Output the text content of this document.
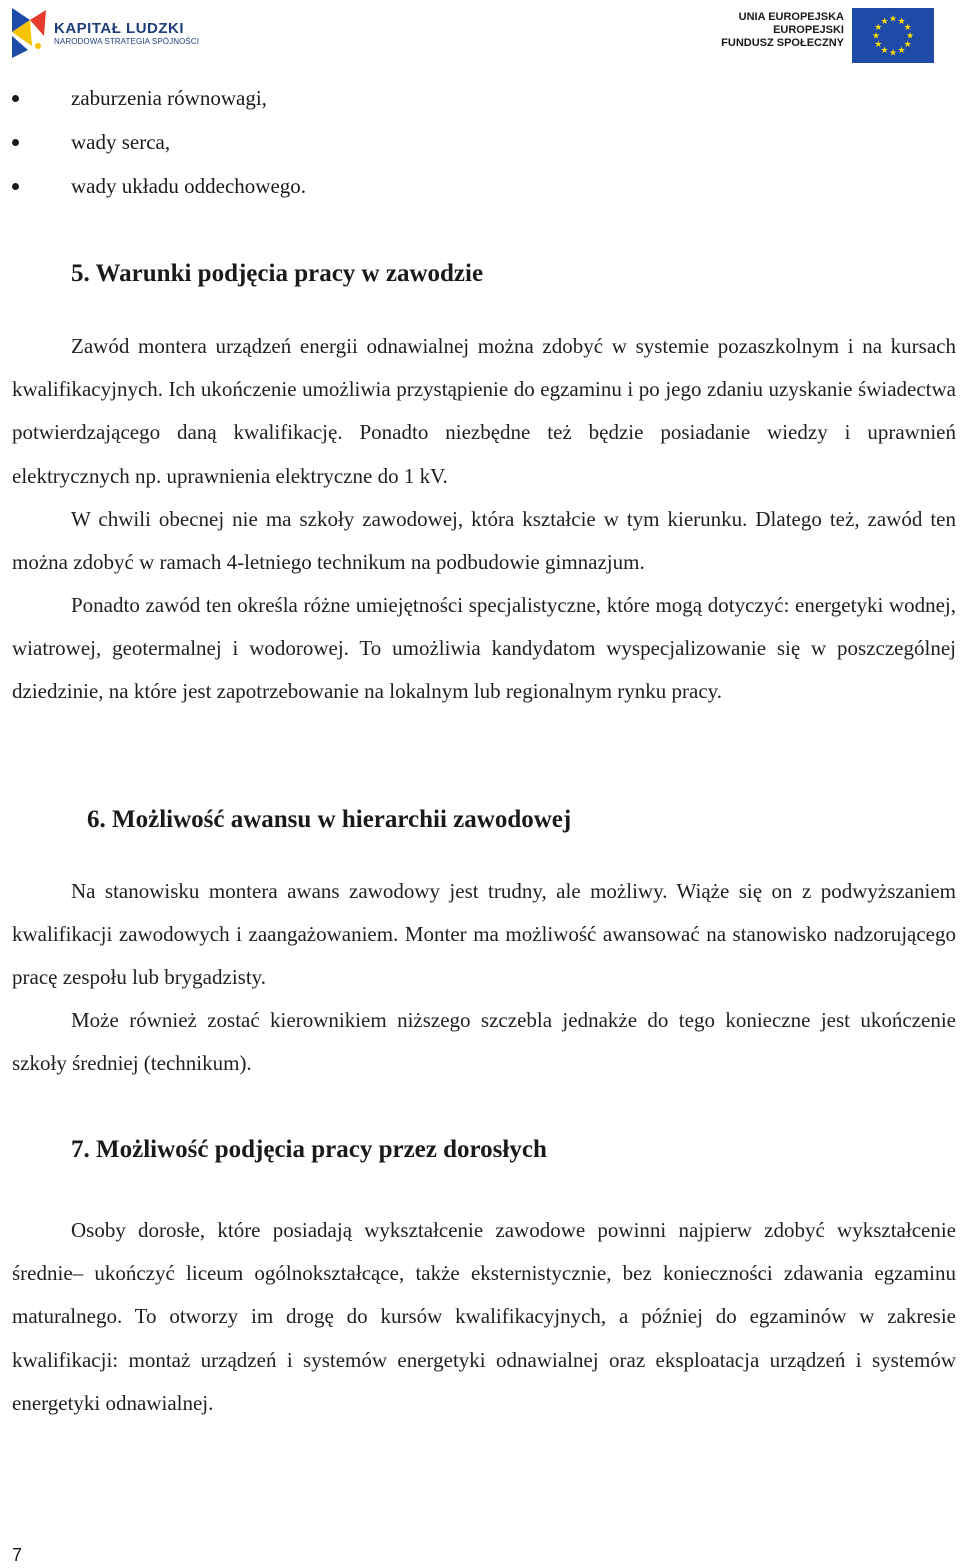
KAPITAŁ LUDZKI
NARODOWA STRATEGIA SPÓJNOŚCI
UNIA EUROPEJSKA
EUROPEJSKI
FUNDUSZ SPOŁECZNY
★
★
★
★
★
★
★
★
★ ★ ★
★
zaburzenia równowagi,
wady serca,
wady układu oddechowego.
5. Warunki podjęcia pracy w zawodzie
Zawód montera urządzeń energii odnawialnej można zdobyć w systemie pozaszkolnym i na kursach kwalifikacyjnych. Ich ukończenie umożliwia przystąpienie do egzaminu i po jego zdaniu uzyskanie świadectwa potwierdzającego daną kwalifikację. Ponadto niezbędne też będzie posiadanie wiedzy i uprawnień elektrycznych np. uprawnienia elektryczne do 1 kV.
W chwili obecnej nie ma szkoły zawodowej, która kształcie w tym kierunku. Dlatego też, zawód ten można zdobyć w ramach 4-letniego technikum na podbudowie gimnazjum.
Ponadto zawód ten określa różne umiejętności specjalistyczne, które mogą dotyczyć: energetyki wodnej, wiatrowej, geotermalnej i wodorowej. To umożliwia kandydatom wyspecjalizowanie się w poszczególnej dziedzinie, na które jest zapotrzebowanie na lokalnym lub regionalnym rynku pracy.
6. Możliwość awansu w hierarchii zawodowej
Na stanowisku montera awans zawodowy jest trudny, ale możliwy. Wiąże się on z podwyższaniem kwalifikacji zawodowych i zaangażowaniem. Monter ma możliwość awansować na stanowisko nadzorującego pracę zespołu lub brygadzisty.
Może również zostać kierownikiem niższego szczebla jednakże do tego konieczne jest ukończenie szkoły średniej (technikum).
7. Możliwość podjęcia pracy przez dorosłych
Osoby dorosłe, które posiadają wykształcenie zawodowe powinni najpierw zdobyć wykształcenie średnie– ukończyć liceum ogólnokształcące, także eksternistycznie, bez konieczności zdawania egzaminu maturalnego. To otworzy im drogę do kursów kwalifikacyjnych, a później do egzaminów w zakresie kwalifikacji: montaż urządzeń i systemów energetyki odnawialnej oraz eksploatacja urządzeń i systemów energetyki odnawialnej.
7
